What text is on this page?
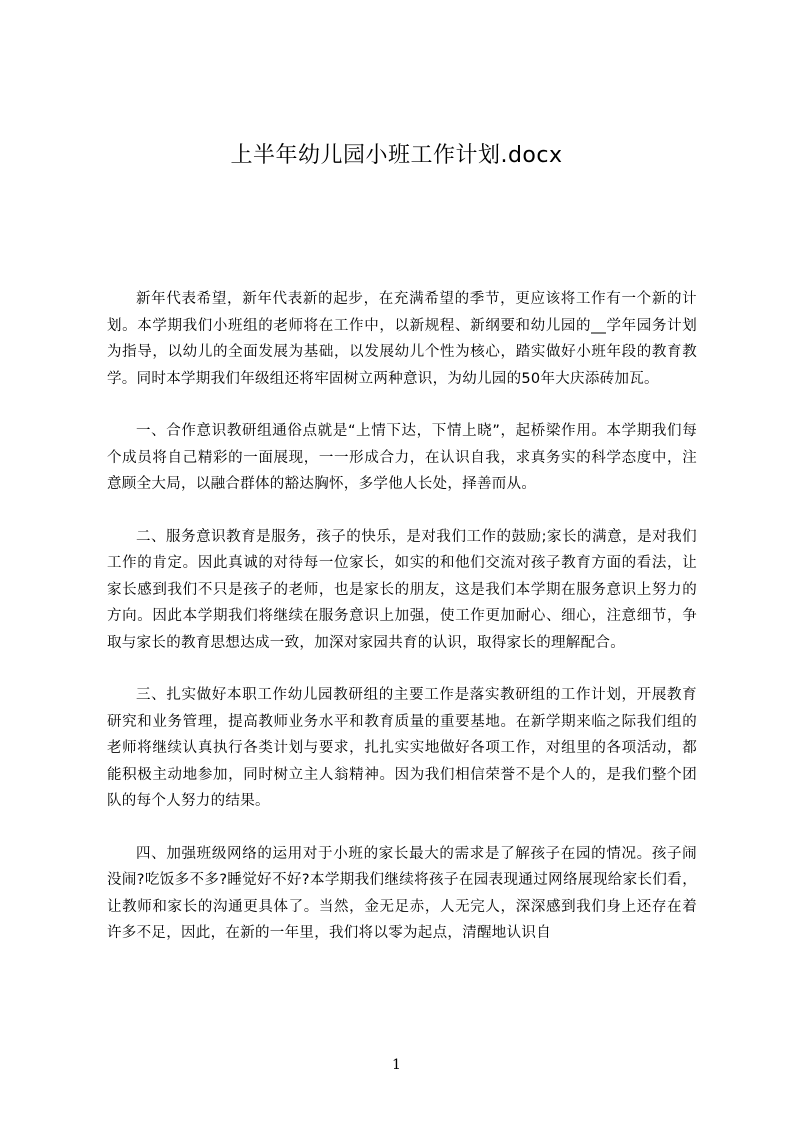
上半年幼儿园小班工作计划.docx

新年代表希望，新年代表新的起步，在充满希望的季节，更应该将工作有一个新的计划。本学期我们小班组的老师将在工作中，以新规程、新纲要和幼儿园的__学年园务计划为指导，以幼儿的全面发展为基础，以发展幼儿个性为核心，踏实做好小班年段的教育教学。同时本学期我们年级组还将牢固树立两种意识，为幼儿园的50年大庆添砖加瓦。

一、合作意识教研组通俗点就是“上情下达，下情上晓”，起桥梁作用。本学期我们每个成员将自己精彩的一面展现，一一形成合力，在认识自我，求真务实的科学态度中，注意顾全大局，以融合群体的豁达胸怀，多学他人长处，择善而从。

二、服务意识教育是服务，孩子的快乐，是对我们工作的鼓励;家长的满意，是对我们工作的肯定。因此真诚的对待每一位家长，如实的和他们交流对孩子教育方面的看法，让家长感到我们不只是孩子的老师，也是家长的朋友，这是我们本学期在服务意识上努力的方向。因此本学期我们将继续在服务意识上加强，使工作更加耐心、细心，注意细节，争取与家长的教育思想达成一致，加深对家园共育的认识，取得家长的理解配合。

三、扎实做好本职工作幼儿园教研组的主要工作是落实教研组的工作计划，开展教育研究和业务管理，提高教师业务水平和教育质量的重要基地。在新学期来临之际我们组的老师将继续认真执行各类计划与要求，扎扎实实地做好各项工作，对组里的各项活动，都能积极主动地参加，同时树立主人翁精神。因为我们相信荣誉不是个人的，是我们整个团队的每个人努力的结果。

四、加强班级网络的运用对于小班的家长最大的需求是了解孩子在园的情况。孩子闹没闹?吃饭多不多?睡觉好不好?本学期我们继续将孩子在园表现通过网络展现给家长们看，让教师和家长的沟通更具体了。当然，金无足赤，人无完人，深深感到我们身上还存在着许多不足，因此，在新的一年里，我们将以零为起点，清醒地认识自

1
